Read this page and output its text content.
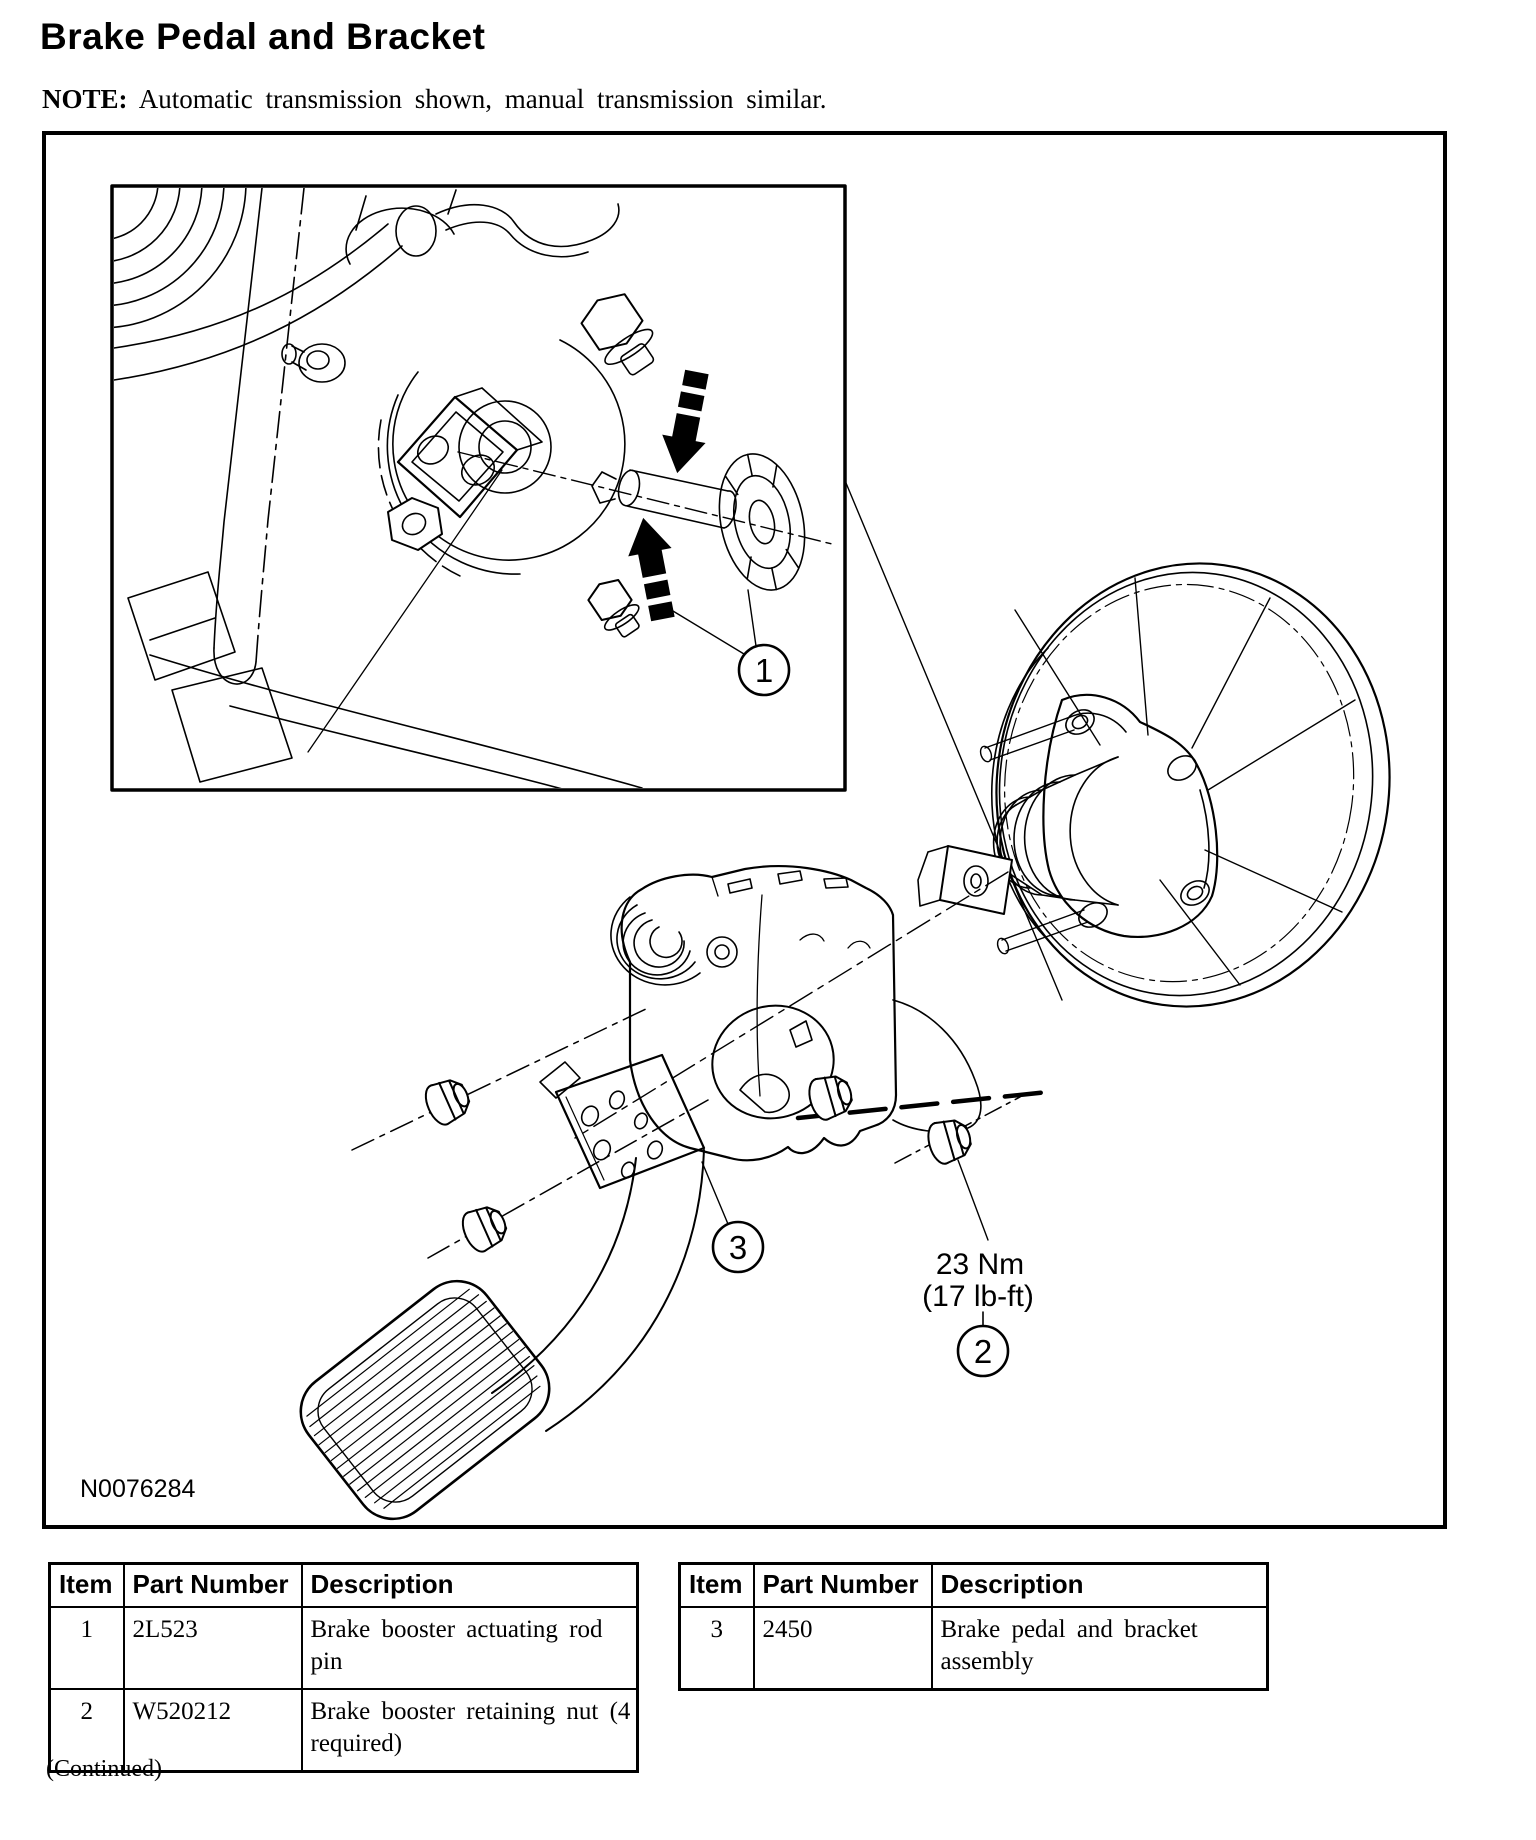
Brake Pedal and Bracket

NOTE: Automatic transmission shown, manual transmission similar.

1
3	23 Nm
(17 lb-ft)
2
N0076284
Item	Part Number	Description
1	2L523	Brake booster actuating rod pin
2	W520212	Brake booster retaining nut (4 required)
Item	Part Number	Description
3	2450	Brake pedal and bracket assembly

(Continued)
